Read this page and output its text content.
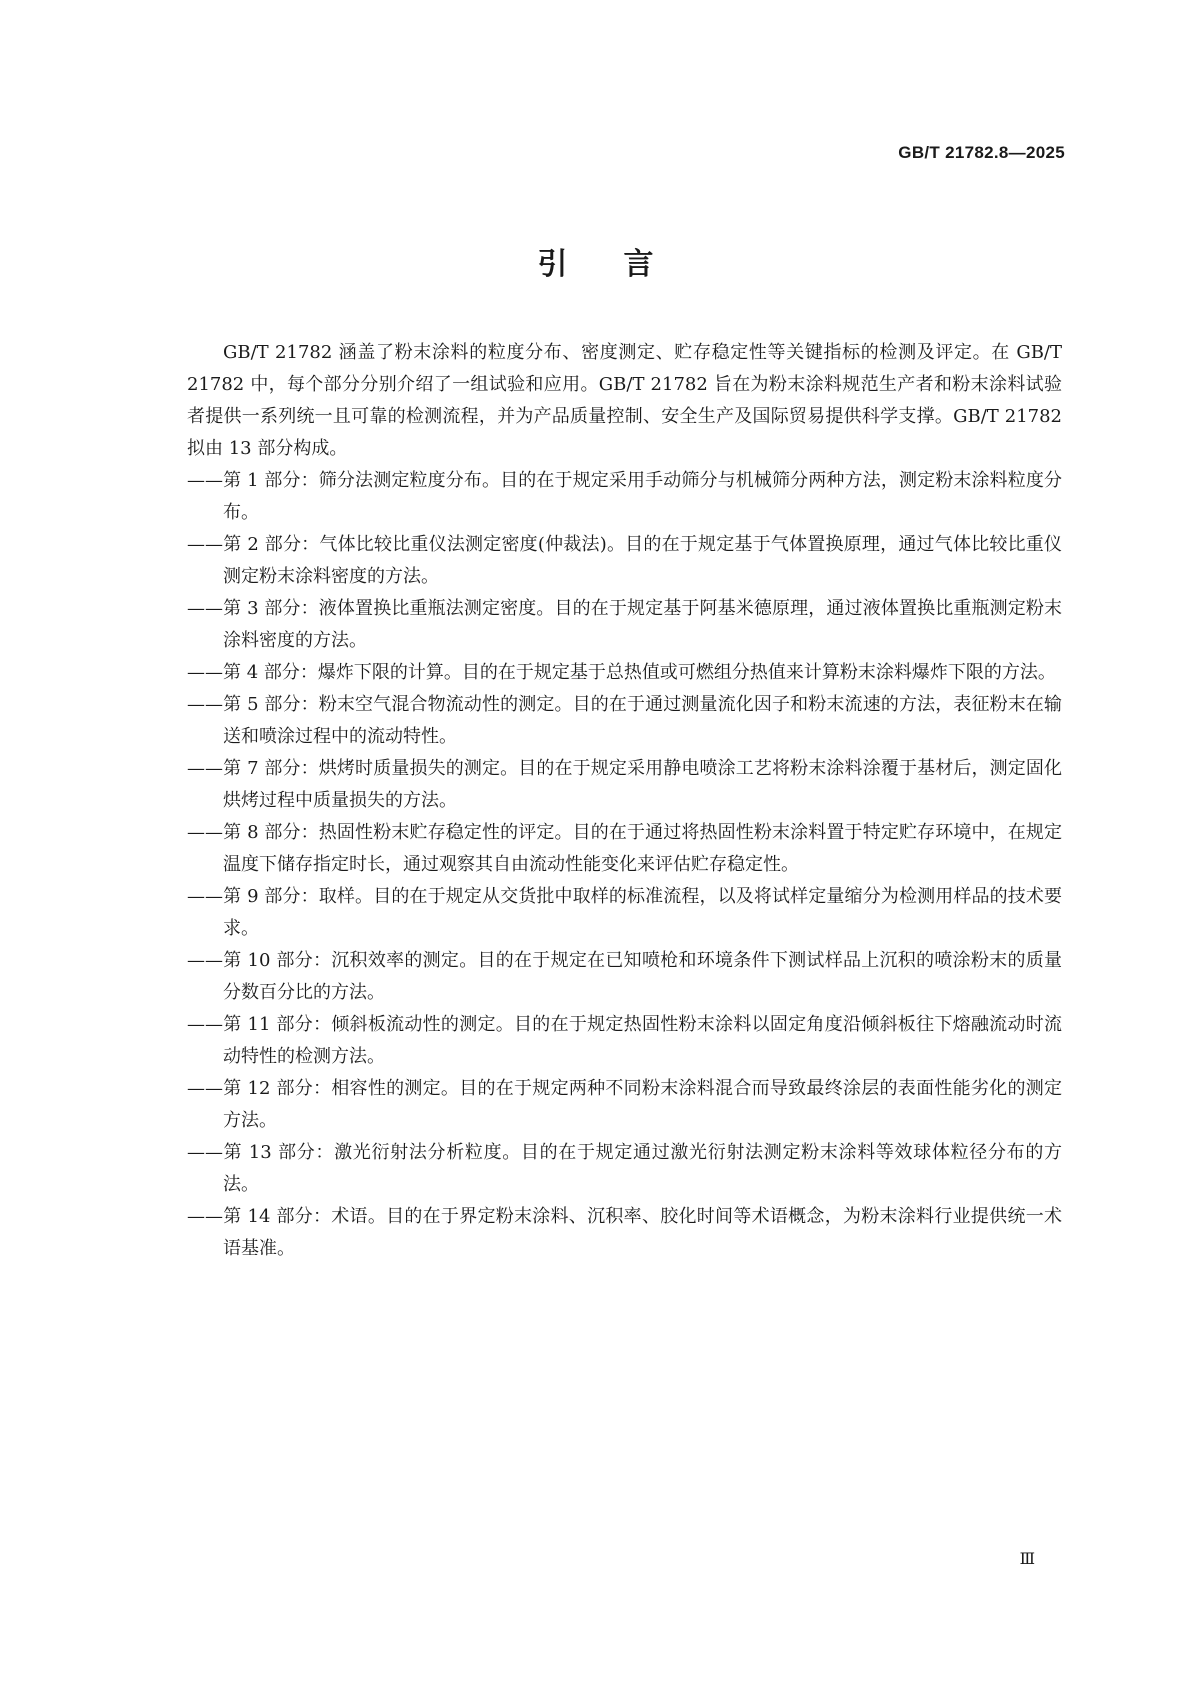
GB/T 21782.8—2025
引言

GB/T 21782 涵盖了粉末涂料的粒度分布、密度测定、贮存稳定性等关键指标的检测及评定。在 GB/T 21782 中，每个部分分别介绍了一组试验和应用。GB/T 21782 旨在为粉末涂料规范生产者和粉末涂料试验者提供一系列统一且可靠的检测流程，并为产品质量控制、安全生产及国际贸易提供科学支撑。GB/T 21782 拟由 13 部分构成。

——第 1 部分：筛分法测定粒度分布。目的在于规定采用手动筛分与机械筛分两种方法，测定粉末涂料粒度分布。
——第 2 部分：气体比较比重仪法测定密度(仲裁法)。目的在于规定基于气体置换原理，通过气体比较比重仪测定粉末涂料密度的方法。
——第 3 部分：液体置换比重瓶法测定密度。目的在于规定基于阿基米德原理，通过液体置换比重瓶测定粉末涂料密度的方法。
——第 4 部分：爆炸下限的计算。目的在于规定基于总热值或可燃组分热值来计算粉末涂料爆炸下限的方法。
——第 5 部分：粉末空气混合物流动性的测定。目的在于通过测量流化因子和粉末流速的方法，表征粉末在输送和喷涂过程中的流动特性。
——第 7 部分：烘烤时质量损失的测定。目的在于规定采用静电喷涂工艺将粉末涂料涂覆于基材后，测定固化烘烤过程中质量损失的方法。
——第 8 部分：热固性粉末贮存稳定性的评定。目的在于通过将热固性粉末涂料置于特定贮存环境中，在规定温度下储存指定时长，通过观察其自由流动性能变化来评估贮存稳定性。
——第 9 部分：取样。目的在于规定从交货批中取样的标准流程，以及将试样定量缩分为检测用样品的技术要求。
——第 10 部分：沉积效率的测定。目的在于规定在已知喷枪和环境条件下测试样品上沉积的喷涂粉末的质量分数百分比的方法。
——第 11 部分：倾斜板流动性的测定。目的在于规定热固性粉末涂料以固定角度沿倾斜板往下熔融流动时流动特性的检测方法。
——第 12 部分：相容性的测定。目的在于规定两种不同粉末涂料混合而导致最终涂层的表面性能劣化的测定方法。
——第 13 部分：激光衍射法分析粒度。目的在于规定通过激光衍射法测定粉末涂料等效球体粒径分布的方法。
——第 14 部分：术语。目的在于界定粉末涂料、沉积率、胶化时间等术语概念，为粉末涂料行业提供统一术语基准。
Ⅲ
